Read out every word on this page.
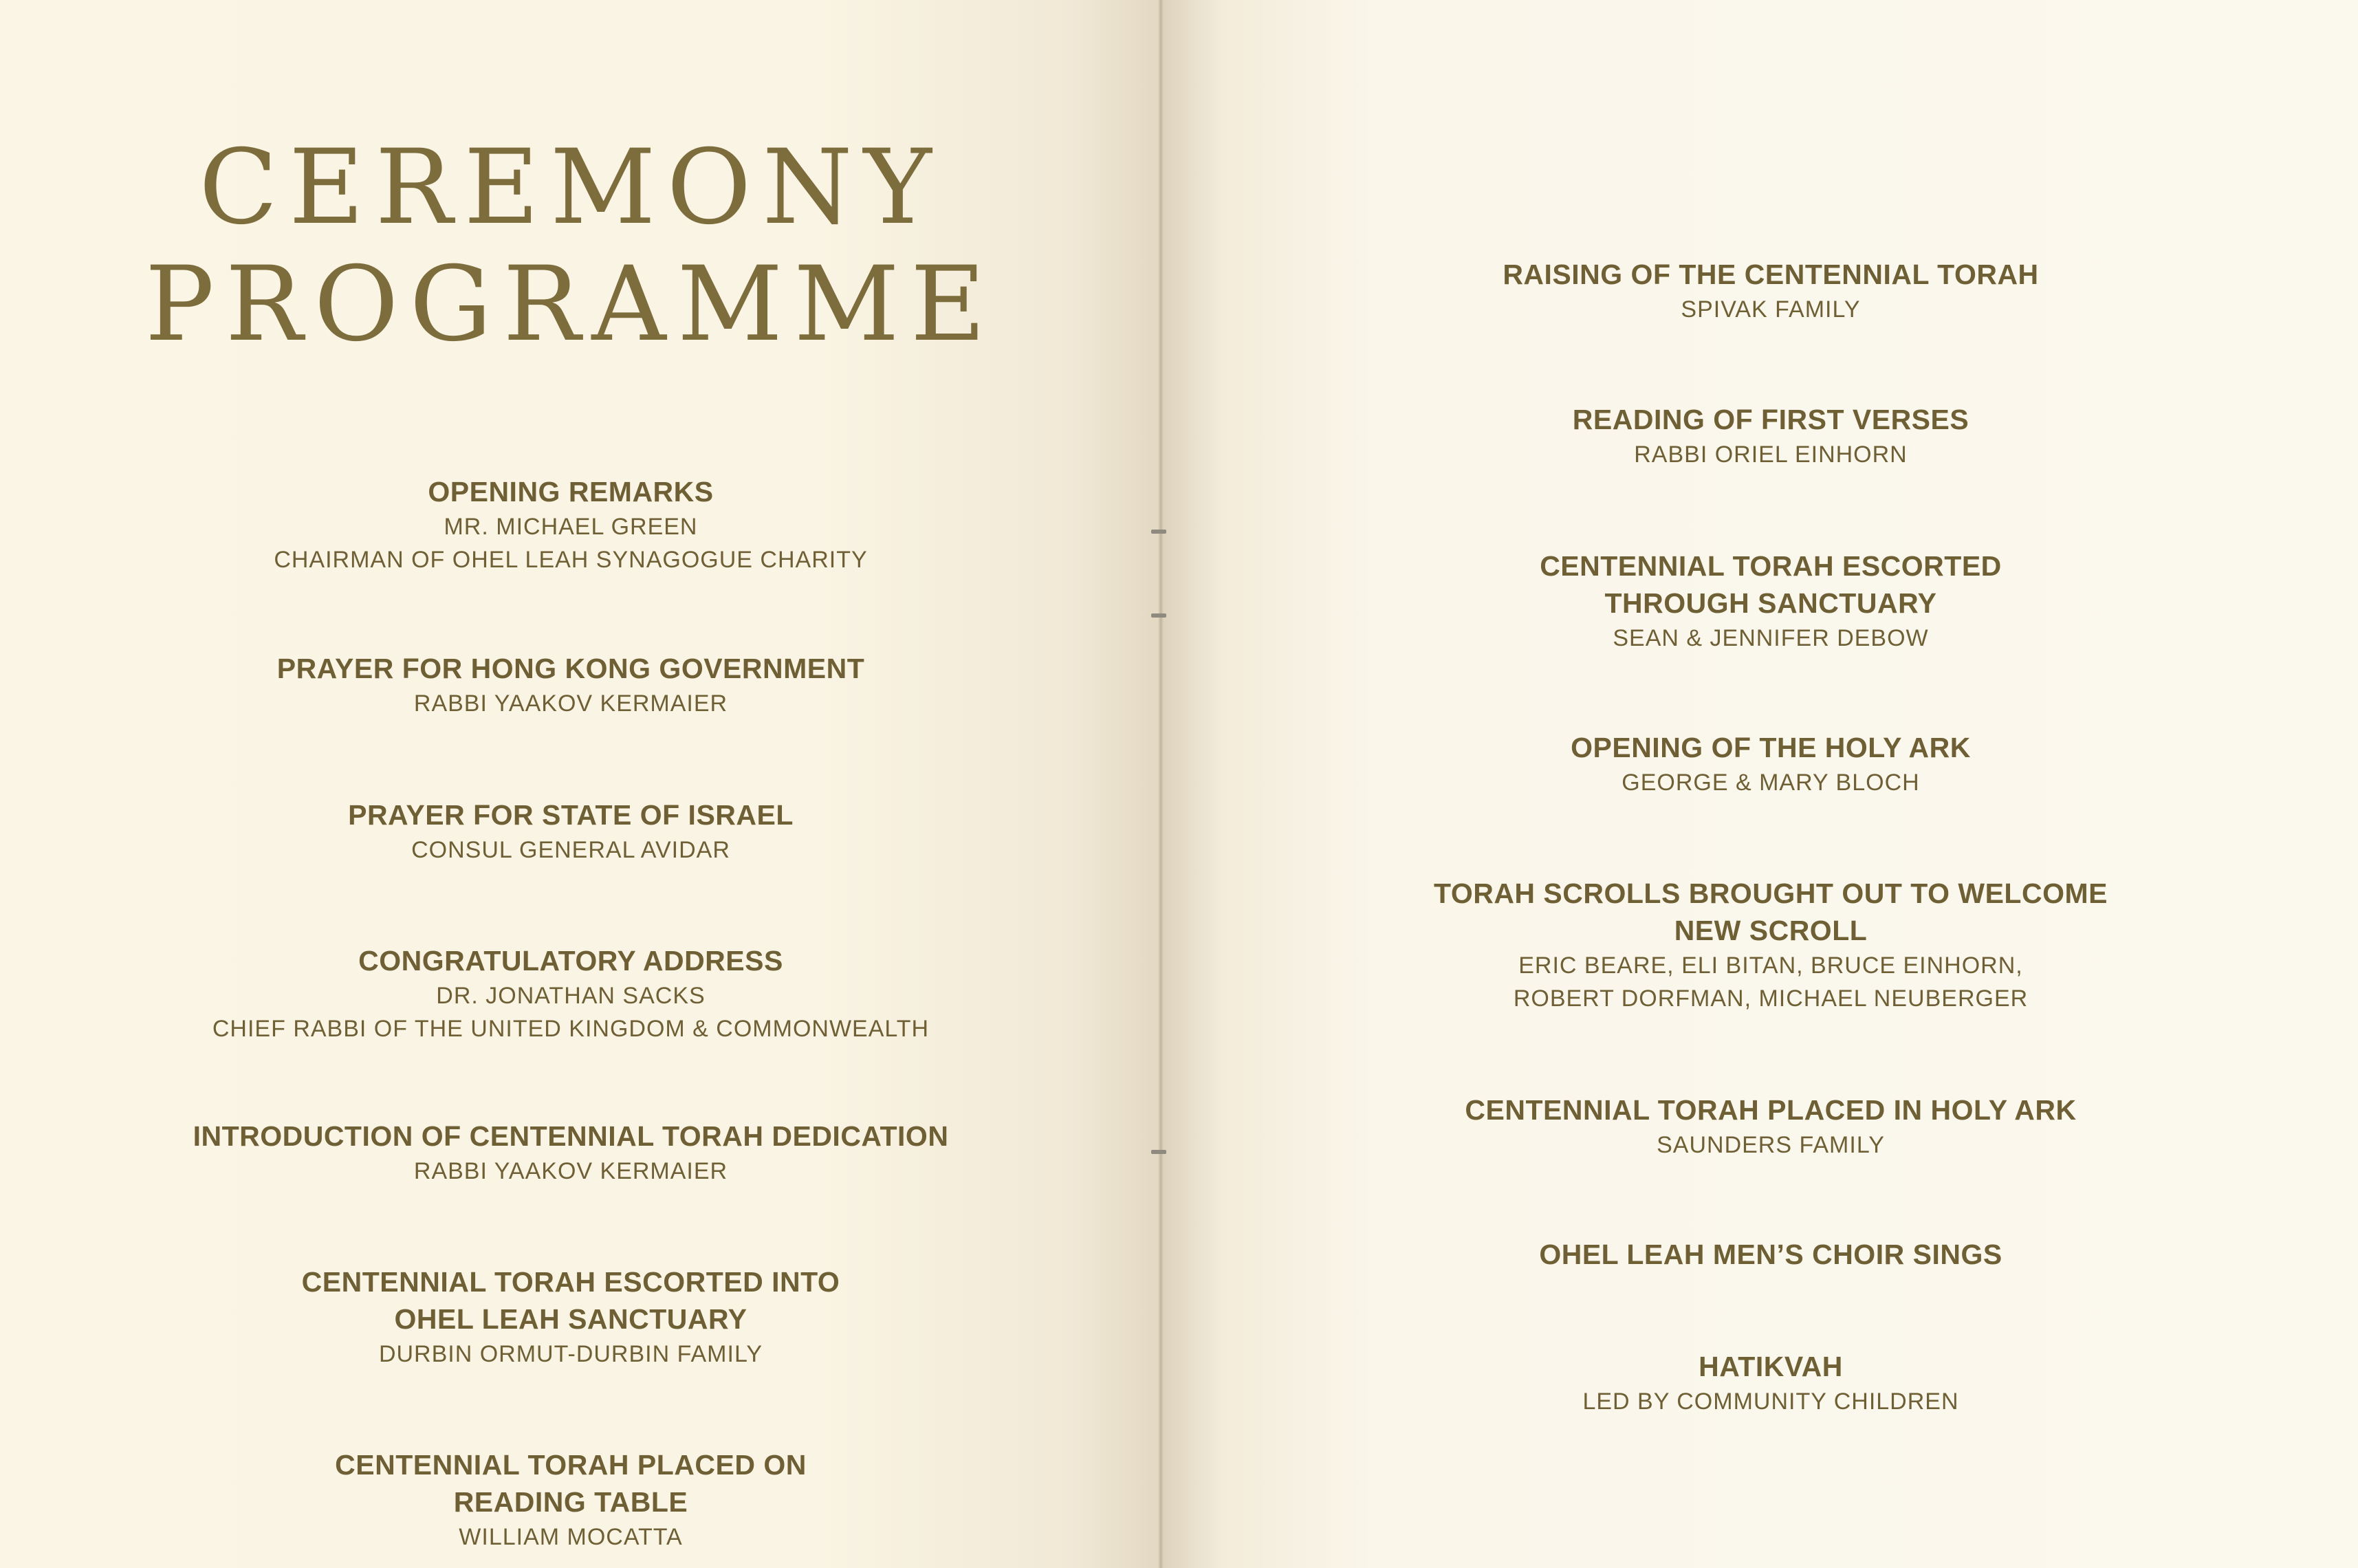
CEREMONY
PROGRAMME
OPENING REMARKS
MR. MICHAEL GREEN
CHAIRMAN OF OHEL LEAH SYNAGOGUE CHARITY
PRAYER FOR HONG KONG GOVERNMENT
RABBI YAAKOV KERMAIER
PRAYER FOR STATE OF ISRAEL
CONSUL GENERAL AVIDAR
CONGRATULATORY ADDRESS
DR. JONATHAN SACKS
CHIEF RABBI OF THE UNITED KINGDOM & COMMONWEALTH
INTRODUCTION OF CENTENNIAL TORAH DEDICATION
RABBI YAAKOV KERMAIER
CENTENNIAL TORAH ESCORTED INTO
OHEL LEAH SANCTUARY
DURBIN ORMUT-DURBIN FAMILY
CENTENNIAL TORAH PLACED ON
READING TABLE
WILLIAM MOCATTA
RAISING OF THE CENTENNIAL TORAH
SPIVAK FAMILY
READING OF FIRST VERSES
RABBI ORIEL EINHORN
CENTENNIAL TORAH ESCORTED
THROUGH SANCTUARY
SEAN & JENNIFER DEBOW
OPENING OF THE HOLY ARK
GEORGE & MARY BLOCH
TORAH SCROLLS BROUGHT OUT TO WELCOME
NEW SCROLL
ERIC BEARE, ELI BITAN, BRUCE EINHORN,
ROBERT DORFMAN, MICHAEL NEUBERGER
CENTENNIAL TORAH PLACED IN HOLY ARK
SAUNDERS FAMILY
OHEL LEAH MEN’S CHOIR SINGS
HATIKVAH
LED BY COMMUNITY CHILDREN
